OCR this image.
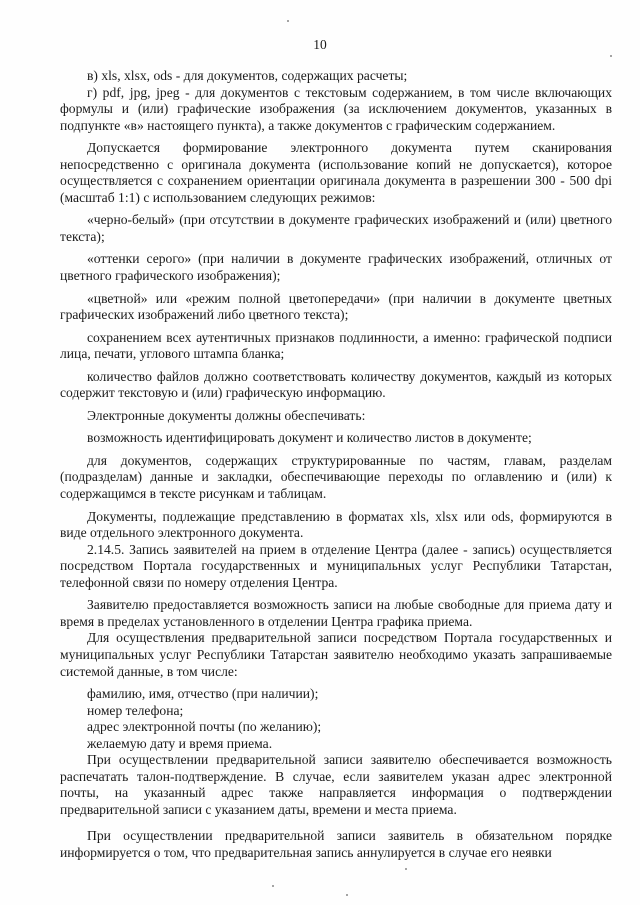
10

в) xls, xlsx, ods - для документов, содержащих расчеты;

г) pdf, jpg, jpeg - для документов с текстовым содержанием, в том числе включающих формулы и (или) графические изображения (за исключением документов, указанных в подпункте «в» настоящего пункта), а также документов с графическим содержанием.

Допускается формирование электронного документа путем сканирования непосредственно с оригинала документа (использование копий не допускается), которое осуществляется с сохранением ориентации оригинала документа в разрешении 300 - 500 dpi (масштаб 1:1) с использованием следующих режимов:

«черно-белый» (при отсутствии в документе графических изображений и (или) цветного текста);

«оттенки серого» (при наличии в документе графических изображений, отличных от цветного графического изображения);

«цветной» или «режим полной цветопередачи» (при наличии в документе цветных графических изображений либо цветного текста);

сохранением всех аутентичных признаков подлинности, а именно: графической подписи лица, печати, углового штампа бланка;

количество файлов должно соответствовать количеству документов, каждый из которых содержит текстовую и (или) графическую информацию.

Электронные документы должны обеспечивать:

возможность идентифицировать документ и количество листов в документе;

для документов, содержащих структурированные по частям, главам, разделам (подразделам) данные и закладки, обеспечивающие переходы по оглавлению и (или) к содержащимся в тексте рисункам и таблицам.

Документы, подлежащие представлению в форматах xls, xlsx или ods, формируются в виде отдельного электронного документа.

2.14.5. Запись заявителей на прием в отделение Центра (далее - запись) осуществляется посредством Портала государственных и муниципальных услуг Республики Татарстан, телефонной связи по номеру отделения Центра.

Заявителю предоставляется возможность записи на любые свободные для приема дату и время в пределах установленного в отделении Центра графика приема.

Для осуществления предварительной записи посредством Портала государственных и муниципальных услуг Республики Татарстан заявителю необходимо указать запрашиваемые системой данные, в том числе:

фамилию, имя, отчество (при наличии);

номер телефона;

адрес электронной почты (по желанию);

желаемую дату и время приема.

При осуществлении предварительной записи заявителю обеспечивается возможность распечатать талон-подтверждение. В случае, если заявителем указан адрес электронной почты, на указанный адрес также направляется информация о подтверждении предварительной записи с указанием даты, времени и места приема.

При осуществлении предварительной записи заявитель в обязательном порядке информируется о том, что предварительная запись аннулируется в случае его неявки
